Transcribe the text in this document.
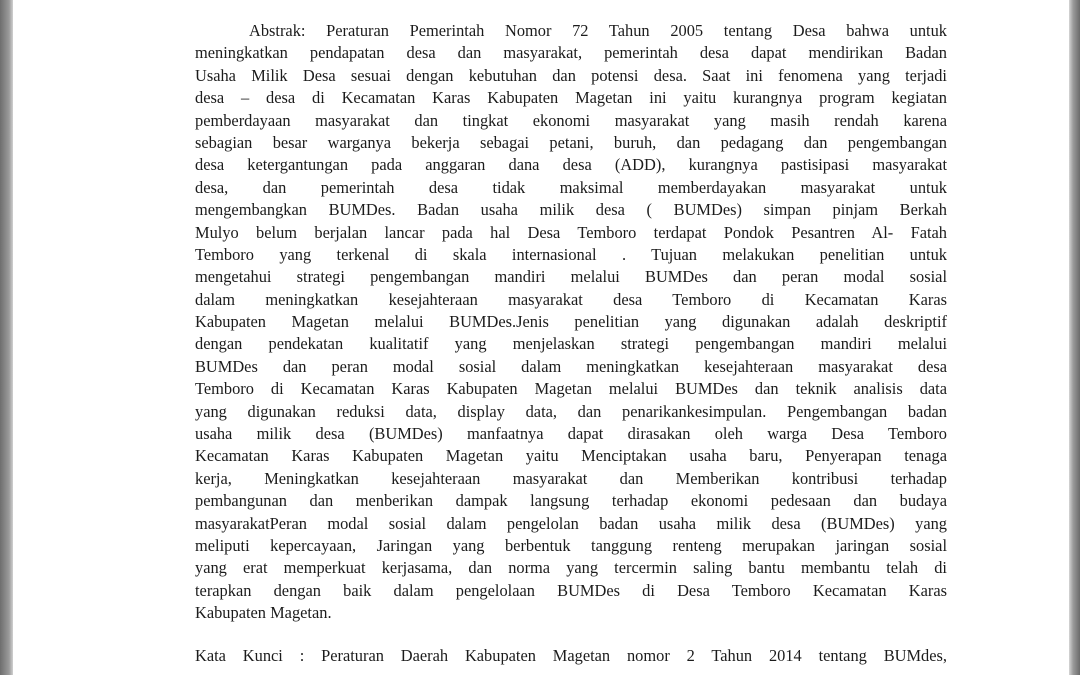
Abstrak: Peraturan Pemerintah Nomor 72 Tahun 2005 tentang Desa bahwa untuk
meningkatkan pendapatan desa dan masyarakat, pemerintah desa dapat mendirikan Badan
Usaha Milik Desa sesuai dengan kebutuhan dan potensi desa. Saat ini fenomena yang terjadi
desa – desa di Kecamatan Karas Kabupaten Magetan ini yaitu kurangnya program kegiatan
pemberdayaan masyarakat dan tingkat ekonomi masyarakat yang masih rendah karena
sebagian besar warganya bekerja sebagai petani, buruh, dan pedagang dan pengembangan
desa ketergantungan pada anggaran dana desa (ADD), kurangnya pastisipasi masyarakat
desa, dan pemerintah desa tidak maksimal memberdayakan masyarakat untuk
mengembangkan BUMDes. Badan usaha milik desa ( BUMDes) simpan pinjam Berkah
Mulyo belum berjalan lancar pada hal Desa Temboro terdapat Pondok Pesantren Al- Fatah
Temboro yang terkenal di skala internasional . Tujuan melakukan penelitian untuk
mengetahui strategi pengembangan mandiri melalui BUMDes dan peran modal sosial
dalam meningkatkan kesejahteraan masyarakat desa Temboro di Kecamatan Karas
Kabupaten Magetan melalui BUMDes.Jenis penelitian yang digunakan adalah deskriptif
dengan pendekatan kualitatif yang menjelaskan strategi pengembangan mandiri melalui
BUMDes dan peran modal sosial dalam meningkatkan kesejahteraan masyarakat desa
Temboro di Kecamatan Karas Kabupaten Magetan melalui BUMDes dan teknik analisis data
yang digunakan reduksi data, display data, dan penarikankesimpulan. Pengembangan badan
usaha milik desa (BUMDes) manfaatnya dapat dirasakan oleh warga Desa Temboro
Kecamatan Karas Kabupaten Magetan yaitu Menciptakan usaha baru, Penyerapan tenaga
kerja, Meningkatkan kesejahteraan masyarakat dan Memberikan kontribusi terhadap
pembangunan dan menberikan dampak langsung terhadap ekonomi pedesaan dan budaya
masyarakatPeran modal sosial dalam pengelolan badan usaha milik desa (BUMDes) yang
meliputi kepercayaan, Jaringan yang berbentuk tanggung renteng merupakan jaringan sosial
yang erat memperkuat kerjasama, dan norma yang tercermin saling bantu membantu telah di
terapkan dengan baik dalam pengelolaan BUMDes di Desa Temboro Kecamatan Karas
Kabupaten Magetan.

Kata Kunci : Peraturan Daerah Kabupaten Magetan nomor 2 Tahun 2014 tentang BUMdes,
